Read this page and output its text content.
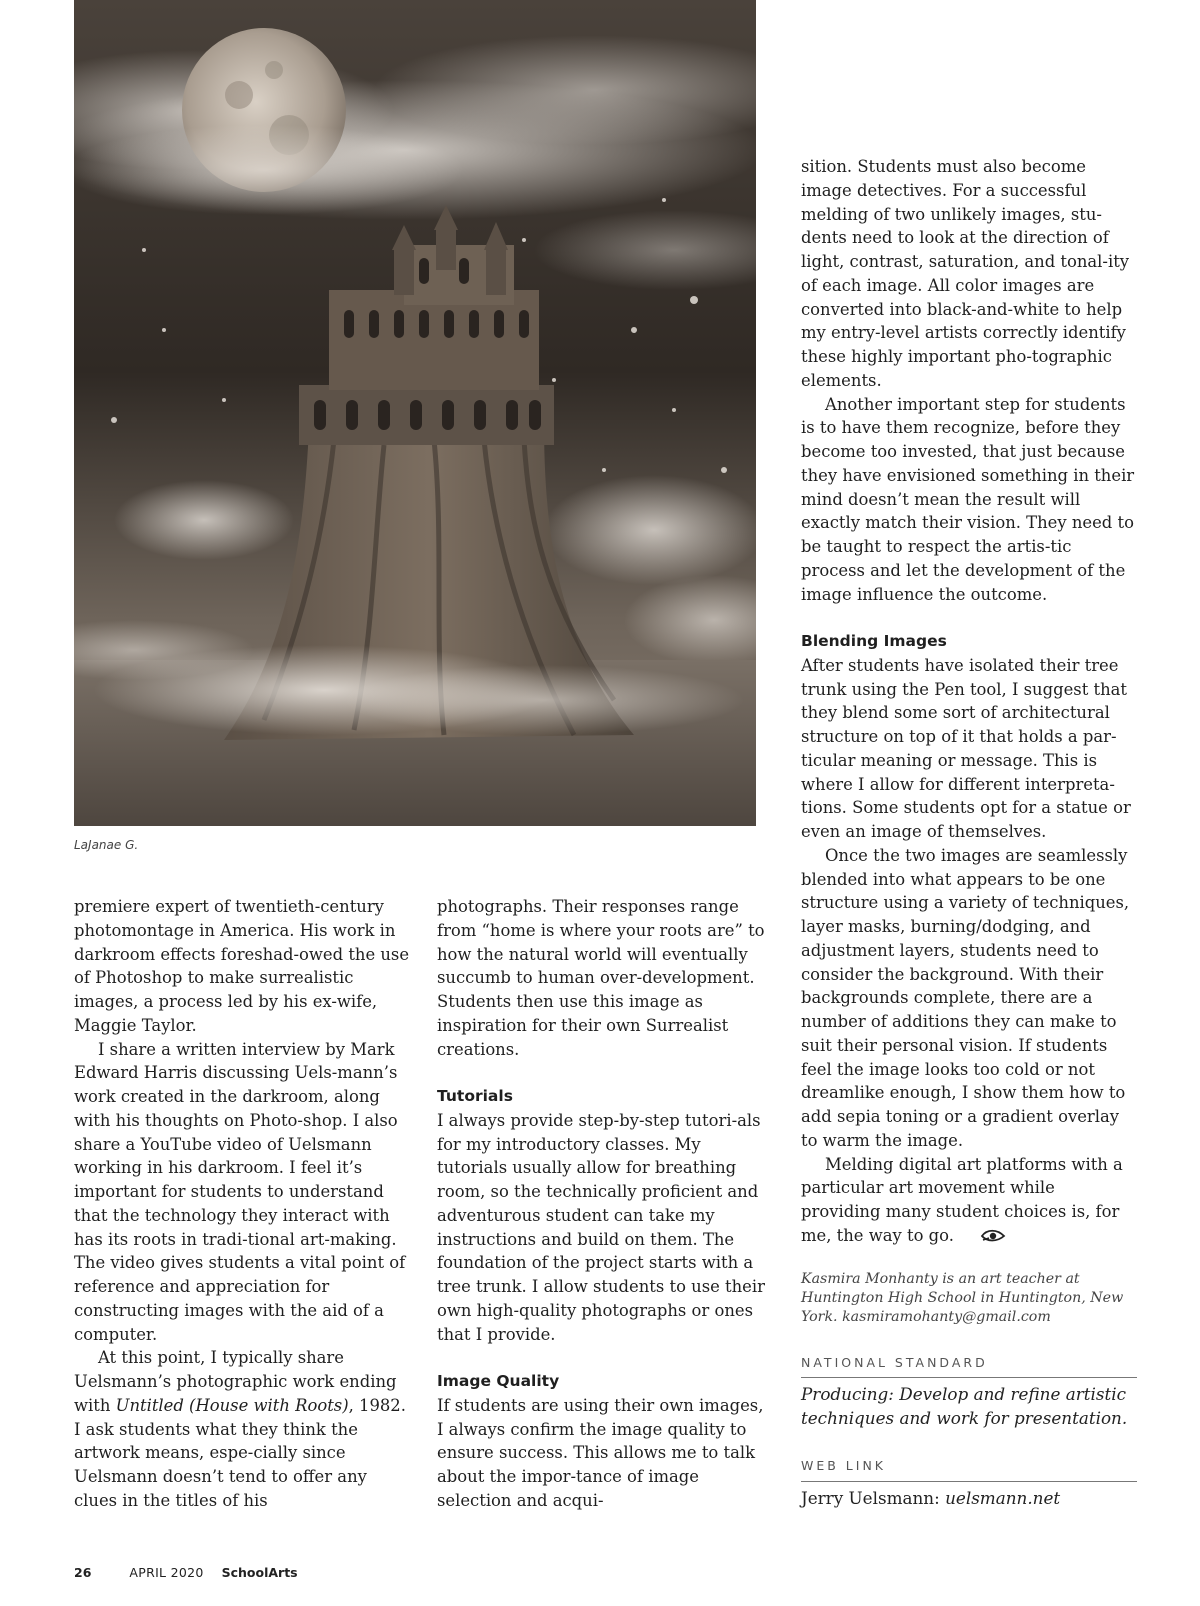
LaJanae G.

premiere expert of twentieth-century photomontage in America. His work in darkroom effects foreshad-owed the use of Photoshop to make surrealistic images, a process led by his ex-wife, Maggie Taylor.

I share a written interview by Mark Edward Harris discussing Uels-mann’s work created in the darkroom, along with his thoughts on Photo-shop. I also share a YouTube video of Uelsmann working in his darkroom. I feel it’s important for students to understand that the technology they interact with has its roots in tradi-tional art-making. The video gives students a vital point of reference and appreciation for constructing images with the aid of a computer.

At this point, I typically share Uelsmann’s photographic work ending with Untitled (House with Roots), 1982. I ask students what they think the artwork means, espe-cially since Uelsmann doesn’t tend to offer any clues in the titles of his

photographs. Their responses range from “home is where your roots are” to how the natural world will eventually succumb to human over-development. Students then use this image as inspiration for their own Surrealist creations.

Tutorials

I always provide step-by-step tutori-als for my introductory classes. My tutorials usually allow for breathing room, so the technically proficient and adventurous student can take my instructions and build on them. The foundation of the project starts with a tree trunk. I allow students to use their own high-quality photographs or ones that I provide.

Image Quality

If students are using their own images, I always confirm the image quality to ensure success. This allows me to talk about the impor-tance of image selection and acqui-

sition. Students must also become image detectives. For a successful melding of two unlikely images, stu-dents need to look at the direction of light, contrast, saturation, and tonal-ity of each image. All color images are converted into black-and-white to help my entry-level artists correctly identify these highly important pho-tographic elements.

Another important step for students is to have them recognize, before they become too invested, that just because they have envisioned something in their mind doesn’t mean the result will exactly match their vision. They need to be taught to respect the artis-tic process and let the development of the image influence the outcome.

Blending Images

After students have isolated their tree trunk using the Pen tool, I suggest that they blend some sort of architectural structure on top of it that holds a par-ticular meaning or message. This is where I allow for different interpreta-tions. Some students opt for a statue or even an image of themselves.

Once the two images are seamlessly blended into what appears to be one structure using a variety of techniques, layer masks, burning/dodging, and adjustment layers, students need to consider the background. With their backgrounds complete, there are a number of additions they can make to suit their personal vision. If students feel the image looks too cold or not dreamlike enough, I show them how to add sepia toning or a gradient overlay to warm the image.

Melding digital art platforms with a particular art movement while providing many student choices is, for me, the way to go.

Kasmira Monhanty is an art teacher at Huntington High School in Huntington, New York. kasmiramohanty@gmail.com
NATIONAL STANDARD
Producing: Develop and refine artistic techniques and work for presentation.
WEB LINK
Jerry Uelsmann: uelsmann.net
26	APRIL 2020 SchoolArts
